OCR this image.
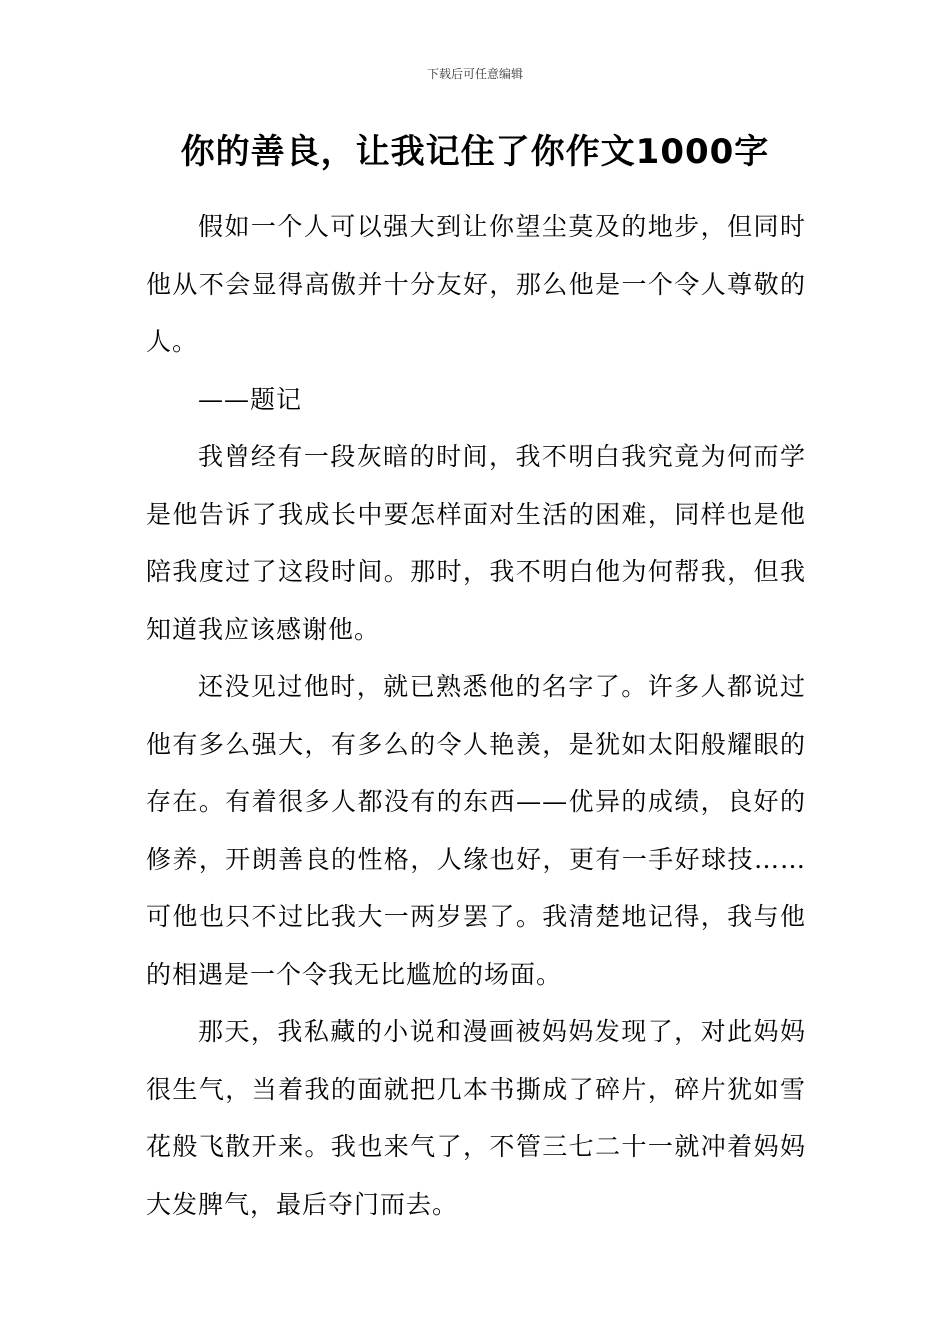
下载后可任意编辑
你的善良，让我记住了你作文1000字

假如一个人可以强大到让你望尘莫及的地步，但同时他从不会显得高傲并十分友好，那么他是一个令人尊敬的人。

——题记

我曾经有一段灰暗的时间，我不明白我究竟为何而学是他告诉了我成长中要怎样面对生活的困难，同样也是他陪我度过了这段时间。那时，我不明白他为何帮我，但我知道我应该感谢他。

还没见过他时，就已熟悉他的名字了。许多人都说过他有多么强大，有多么的令人艳羡，是犹如太阳般耀眼的存在。有着很多人都没有的东西——优异的成绩，良好的修养，开朗善良的性格，人缘也好，更有一手好球技……可他也只不过比我大一两岁罢了。我清楚地记得，我与他的相遇是一个令我无比尴尬的场面。

那天，我私藏的小说和漫画被妈妈发现了，对此妈妈很生气，当着我的面就把几本书撕成了碎片，碎片犹如雪花般飞散开来。我也来气了，不管三七二十一就冲着妈妈大发脾气，最后夺门而去。
